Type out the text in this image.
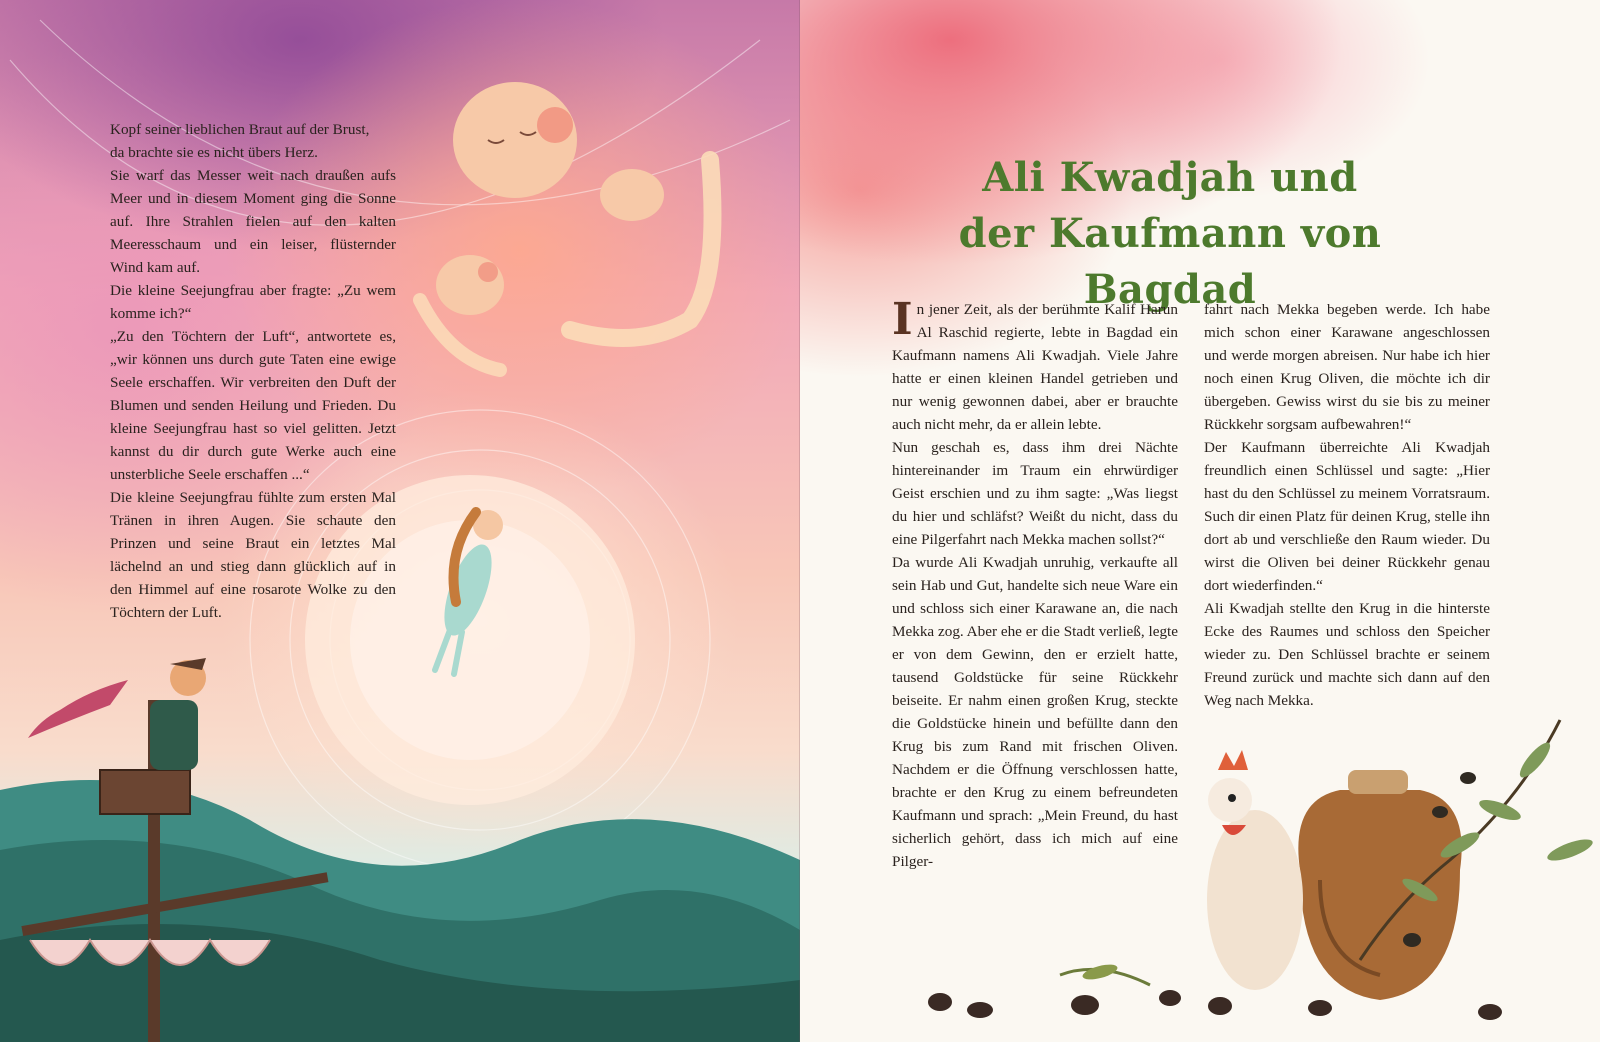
Kopf seiner lieblichen Braut auf der Brust,
da brachte sie es nicht übers Herz.

Sie warf das Messer weit nach draußen aufs Meer und in diesem Moment ging die Sonne auf. Ihre Strahlen fielen auf den kalten Meeresschaum und ein leiser, flüsternder Wind kam auf.

Die kleine Seejungfrau aber fragte: „Zu wem komme ich?“

„Zu den Töchtern der Luft“, antwortete es, „wir können uns durch gute Taten eine ewige Seele erschaffen. Wir verbreiten den Duft der Blumen und senden Heilung und Frieden. Du kleine Seejungfrau hast so viel gelitten. Jetzt kannst du dir durch gute Werke auch eine unsterbliche Seele erschaffen ...“

Die kleine Seejungfrau fühlte zum ersten Mal Tränen in ihren Augen. Sie schaute den Prinzen und seine Braut ein letztes Mal lächelnd an und stieg dann glücklich auf in den Himmel auf eine rosarote Wolke zu den Töchtern der Luft.

Ali Kwadjah und
der Kaufmann von Bagdad

In jener Zeit, als der berühmte Kalif Harun Al Raschid regierte, lebte in Bagdad ein Kaufmann namens Ali Kwadjah. Viele Jahre hatte er einen kleinen Handel getrieben und nur wenig gewonnen dabei, aber er brauchte auch nicht mehr, da er allein lebte.

Nun geschah es, dass ihm drei Nächte hintereinander im Traum ein ehrwürdiger Geist erschien und zu ihm sagte: „Was liegst du hier und schläfst? Weißt du nicht, dass du eine Pilgerfahrt nach Mekka machen sollst?“

Da wurde Ali Kwadjah unruhig, verkaufte all sein Hab und Gut, handelte sich neue Ware ein und schloss sich einer Karawane an, die nach Mekka zog. Aber ehe er die Stadt verließ, legte er von dem Gewinn, den er erzielt hatte, tausend Goldstücke für seine Rückkehr beiseite. Er nahm einen großen Krug, steckte die Goldstücke hinein und befüllte dann den Krug bis zum Rand mit frischen Oliven. Nachdem er die Öffnung verschlossen hatte, brachte er den Krug zu einem befreundeten Kaufmann und sprach: „Mein Freund, du hast sicherlich gehört, dass ich mich auf eine Pilger-

fahrt nach Mekka begeben werde. Ich habe mich schon einer Karawane angeschlossen und werde morgen abreisen. Nur habe ich hier noch einen Krug Oliven, die möchte ich dir übergeben. Gewiss wirst du sie bis zu meiner Rückkehr sorgsam aufbewahren!“

Der Kaufmann überreichte Ali Kwadjah freundlich einen Schlüssel und sagte: „Hier hast du den Schlüssel zu meinem Vorratsraum. Such dir einen Platz für deinen Krug, stelle ihn dort ab und verschließe den Raum wieder. Du wirst die Oliven bei deiner Rückkehr genau dort wiederfinden.“

Ali Kwadjah stellte den Krug in die hinterste Ecke des Raumes und schloss den Speicher wieder zu. Den Schlüssel brachte er seinem Freund zurück und machte sich dann auf den Weg nach Mekka.
